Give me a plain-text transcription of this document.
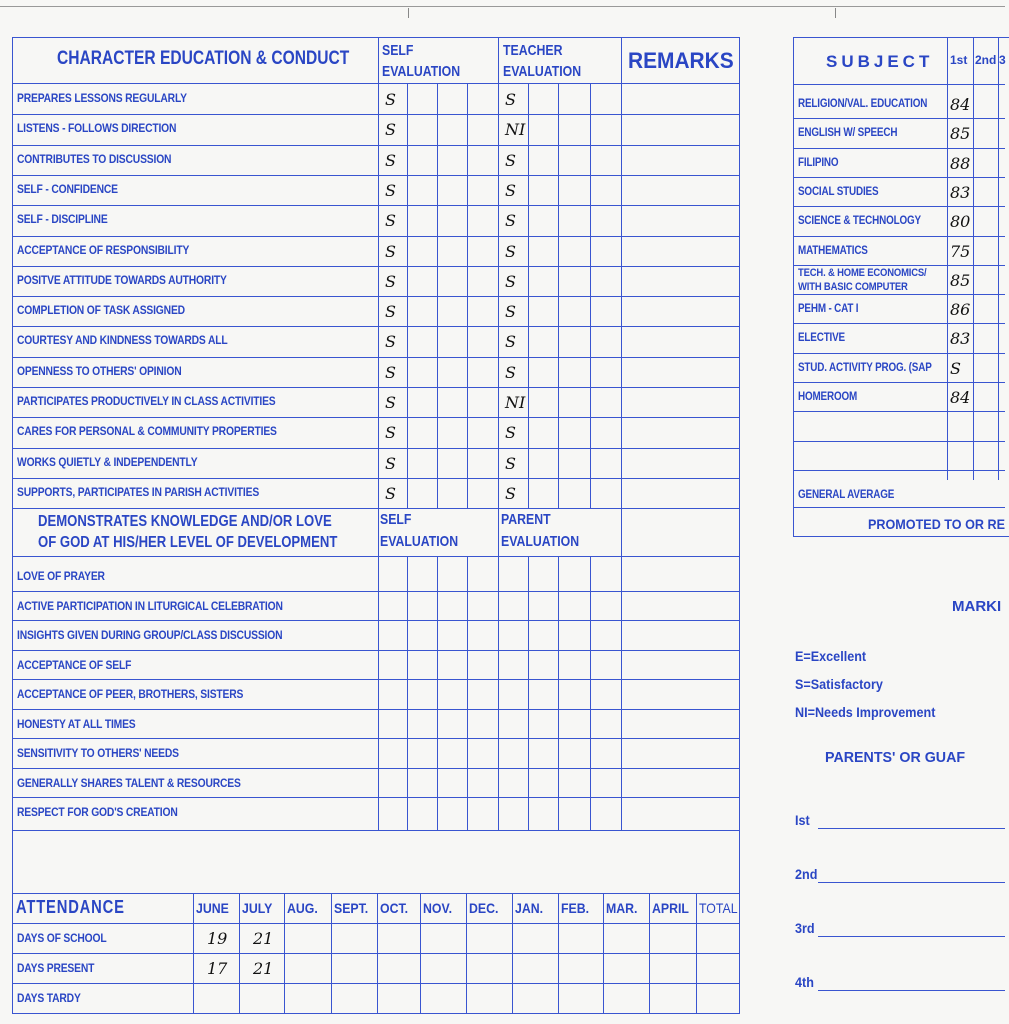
CHARACTER EDUCATION & CONDUCT SELF
EVALUATION
TEACHER
EVALUATION REMARKS
PREPARES LESSONS REGULARLY	S	S
LISTENS - FOLLOWS DIRECTION	S	NI
CONTRIBUTES TO DISCUSSION	S	S
SELF - CONFIDENCE	S	S
SELF - DISCIPLINE	S	S
ACCEPTANCE OF RESPONSIBILITY	S	S
POSITVE ATTITUDE TOWARDS AUTHORITY	S	S
COMPLETION OF TASK ASSIGNED	S	S
COURTESY AND KINDNESS TOWARDS ALL	S	S
OPENNESS TO OTHERS' OPINION	S	S
PARTICIPATES PRODUCTIVELY IN CLASS ACTIVITIES	S	NI
CARES FOR PERSONAL & COMMUNITY PROPERTIES	S	S
WORKS QUIETLY & INDEPENDENTLY	S	S
SUPPORTS, PARTICIPATES IN PARISH ACTIVITIES	S	S
DEMONSTRATES KNOWLEDGE AND/OR LOVE
OF GOD AT HIS/HER LEVEL OF DEVELOPMENT
SELF
EVALUATION
PARENT
EVALUATION
LOVE OF PRAYER
ACTIVE PARTICIPATION IN LITURGICAL CELEBRATION
INSIGHTS GIVEN DURING GROUP/CLASS DISCUSSION
ACCEPTANCE OF SELF
ACCEPTANCE OF PEER, BROTHERS, SISTERS
HONESTY AT ALL TIMES
SENSITIVITY TO OTHERS' NEEDS
GENERALLY SHARES TALENT & RESOURCES
RESPECT FOR GOD'S CREATION
ATTENDANCE	JUNE JULY AUG. SEPT. OCT. NOV. DEC. JAN. FEB. MAR. APRIL TOTAL
DAYS OF SCHOOL	19 21
DAYS PRESENT	17 21
DAYS TARDY
SUBJECT 1st 2nd 3
RELIGION/VAL. EDUCATION 84
ENGLISH W/ SPEECH	85
FILIPINO	88
SOCIAL STUDIES	83
SCIENCE & TECHNOLOGY 80
MATHEMATICS	75
TECH. & HOME ECONOMICS/
WITH BASIC COMPUTER	85
PEHM - CAT I	86
ELECTIVE	83
STUD. ACTIVITY PROG. (SAP S
HOMEROOM	84
GENERAL AVERAGE
PROMOTED TO OR RE
MARKI
E=Excellent
S=Satisfactory
NI=Needs Improvement
PARENTS' OR GUAF
Ist
2nd
3rd
4th
